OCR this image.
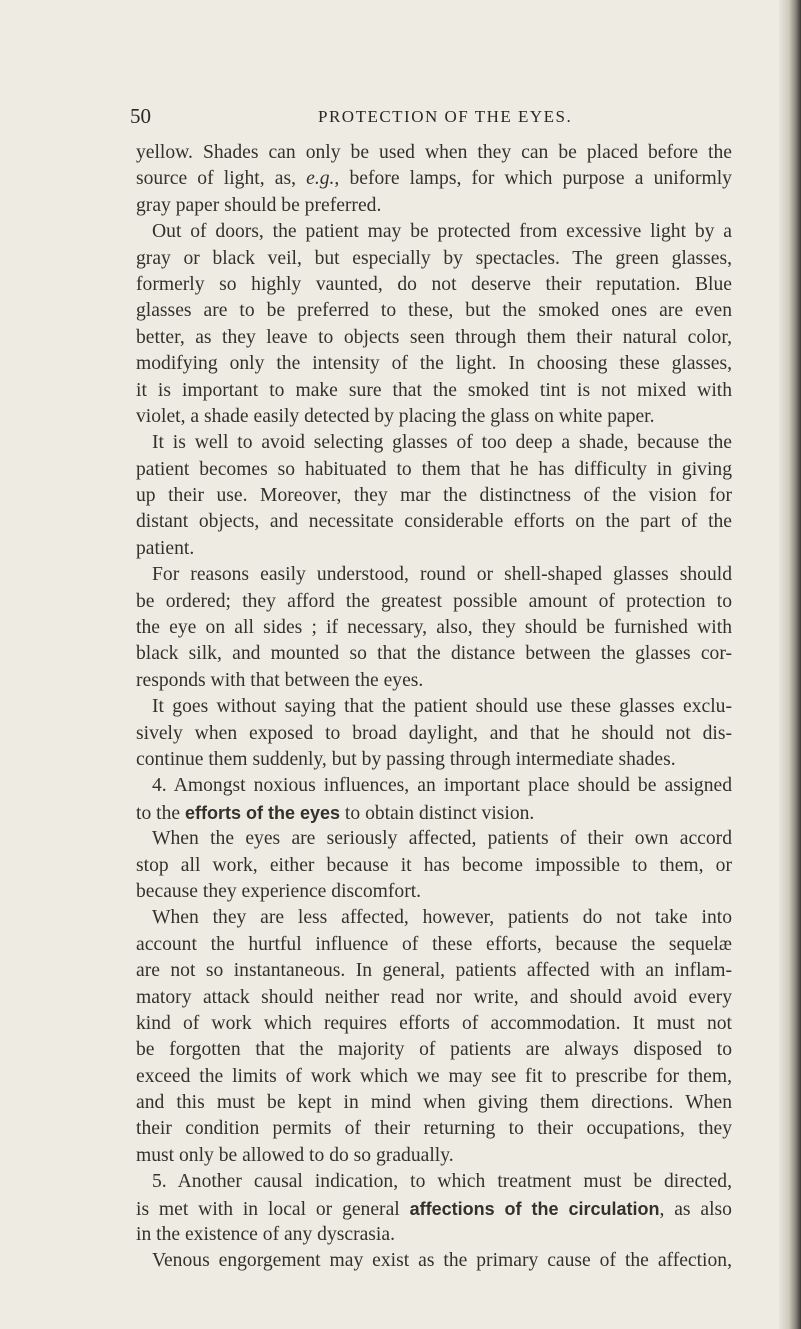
50	PROTECTION OF THE EYES.
yellow. Shades can only be used when they can be placed before the
source of light, as, e.g., before lamps, for which purpose a uniformly
gray paper should be preferred.
Out of doors, the patient may be protected from excessive light by a
gray or black veil, but especially by spectacles. The green glasses,
formerly so highly vaunted, do not deserve their reputation. Blue
glasses are to be preferred to these, but the smoked ones are even
better, as they leave to objects seen through them their natural color,
modifying only the intensity of the light. In choosing these glasses,
it is important to make sure that the smoked tint is not mixed with
violet, a shade easily detected by placing the glass on white paper.
It is well to avoid selecting glasses of too deep a shade, because the
patient becomes so habituated to them that he has difficulty in giving
up their use. Moreover, they mar the distinctness of the vision for
distant objects, and necessitate considerable efforts on the part of the
patient.
For reasons easily understood, round or shell-shaped glasses should
be ordered; they afford the greatest possible amount of protection to
the eye on all sides ; if necessary, also, they should be furnished with
black silk, and mounted so that the distance between the glasses cor-
responds with that between the eyes.
It goes without saying that the patient should use these glasses exclu-
sively when exposed to broad daylight, and that he should not dis-
continue them suddenly, but by passing through intermediate shades.
4. Amongst noxious influences, an important place should be assigned
to the efforts of the eyes to obtain distinct vision.
When the eyes are seriously affected, patients of their own accord
stop all work, either because it has become impossible to them, or
because they experience discomfort.
When they are less affected, however, patients do not take into
account the hurtful influence of these efforts, because the sequelæ
are not so instantaneous. In general, patients affected with an inflam-
matory attack should neither read nor write, and should avoid every
kind of work which requires efforts of accommodation. It must not
be forgotten that the majority of patients are always disposed to
exceed the limits of work which we may see fit to prescribe for them,
and this must be kept in mind when giving them directions. When
their condition permits of their returning to their occupations, they
must only be allowed to do so gradually.
5. Another causal indication, to which treatment must be directed,
is met with in local or general affections of the circulation, as also
in the existence of any dyscrasia.
Venous engorgement may exist as the primary cause of the affection,
